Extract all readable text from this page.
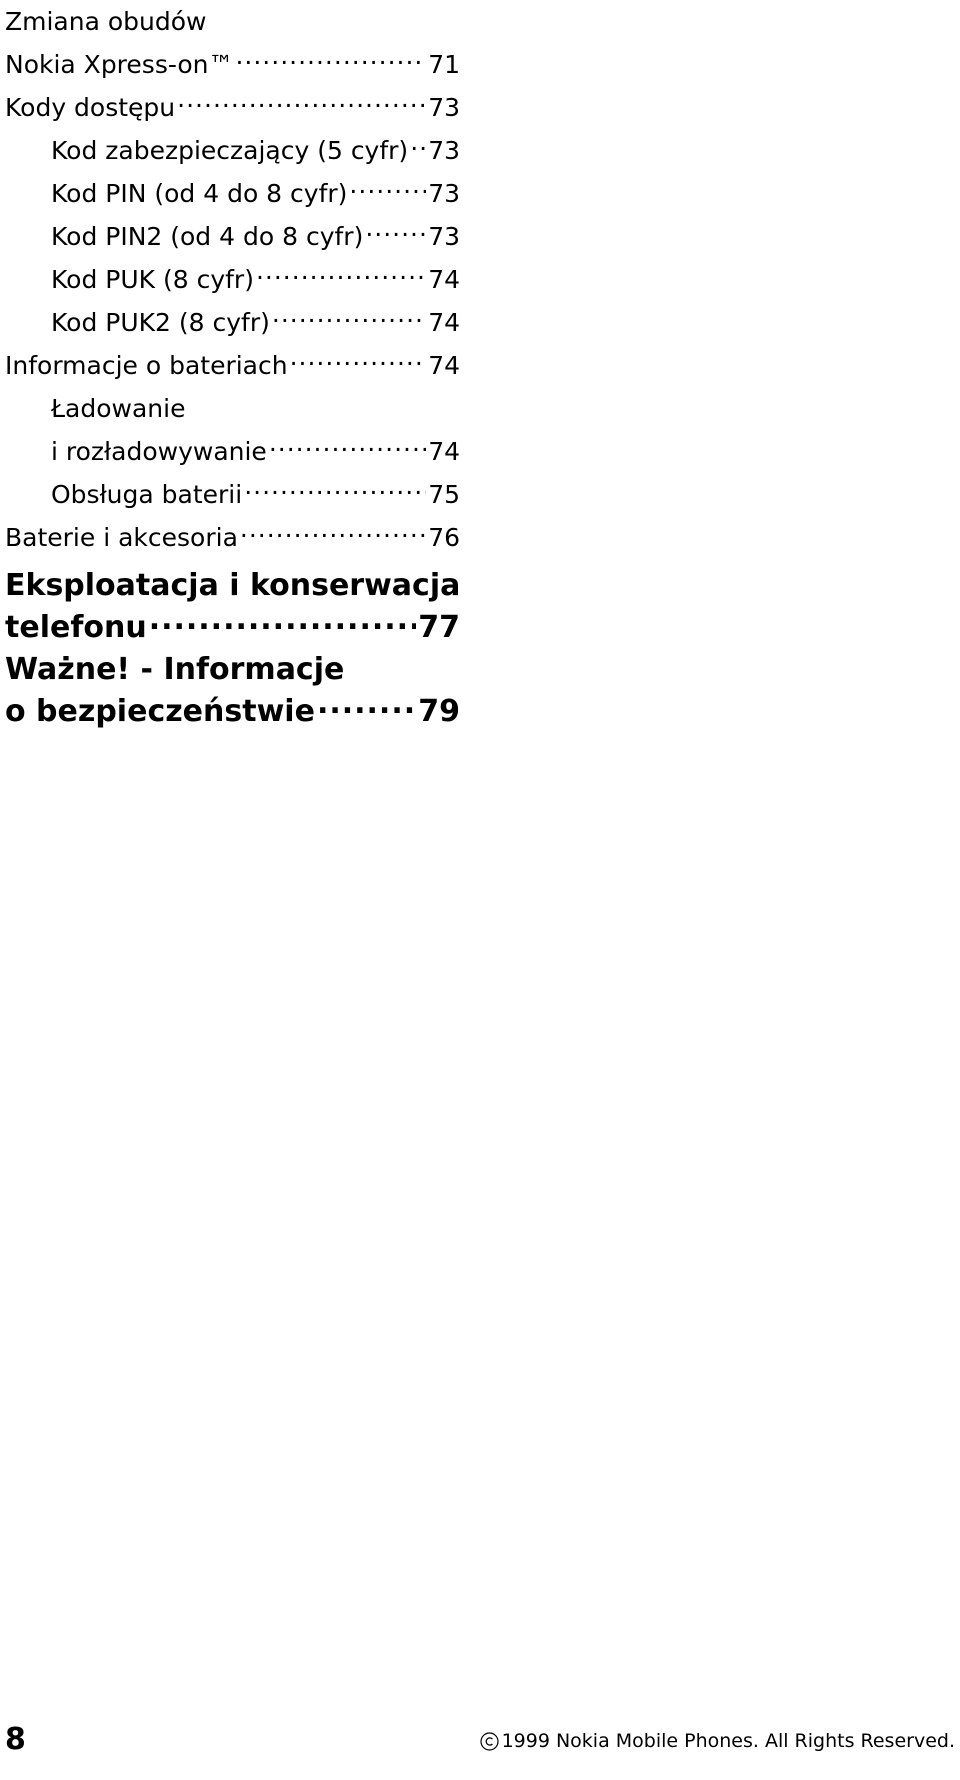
Zmiana obudów
Nokia Xpress-on™ .....	71
Kody dostępu .....	73
Kod zabezpieczający (5 cyfr) ..... 73
Kod PIN (od 4 do 8 cyfr) .....	73
Kod PIN2 (od 4 do 8 cyfr) .....	73
Kod PUK (8 cyfr) .....	74
Kod PUK2 (8 cyfr) .....	74
Informacje o bateriach .....	74
Ładowanie
i rozładowywanie .....	74
Obsługa baterii .....	75
Baterie i akcesoria .....	76
Eksploatacja i konserwacja
telefonu .....	77
Ważne! - Informacje
o bezpieczeństwie .....	79
8	1999 Nokia Mobile Phones. All Rights Reserved.
